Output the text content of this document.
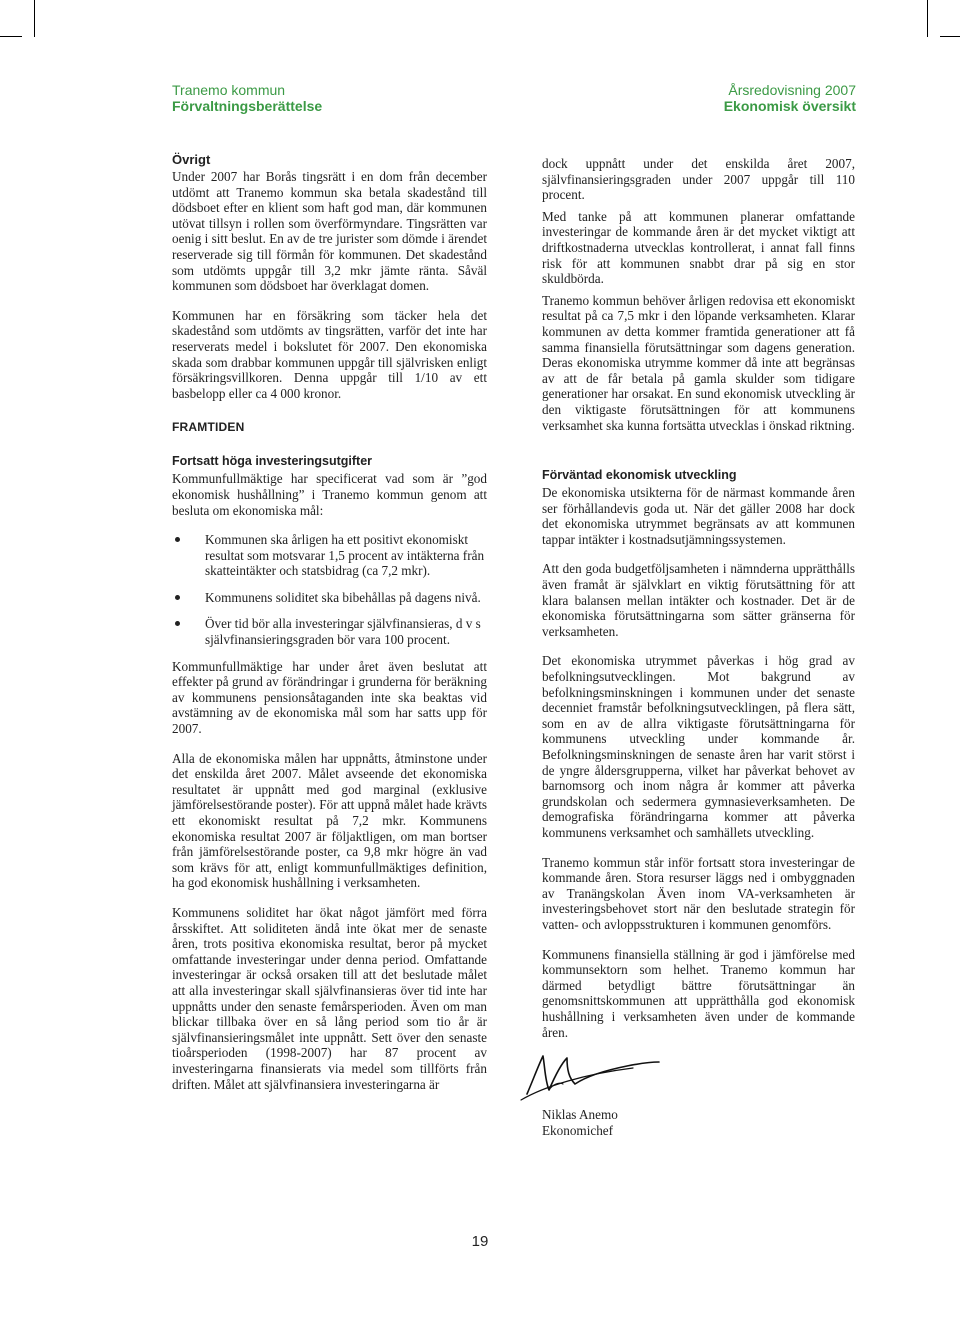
Tranemo kommun
Förvaltningsberättelse
Årsredovisning 2007
Ekonomisk översikt
Övrigt

Under 2007 har Borås tingsrätt i en dom från december utdömt att Tranemo kommun ska betala skadestånd till dödsboet efter en klient som haft god man, där kommunen utövat tillsyn i rollen som överförmyndare. Tingsrätten var oenig i sitt beslut. En av de tre jurister som dömde i ärendet reserverade sig till förmån för kommunen. Det skadestånd som utdömts uppgår till 3,2 mkr jämte ränta. Såväl kommunen som dödsboet har överklagat domen.

Kommunen har en försäkring som täcker hela det skadestånd som utdömts av tingsrätten, varför det inte har reserverats medel i bokslutet för 2007. Den ekonomiska skada som drabbar kommunen uppgår till självrisken enligt försäkringsvillkoren. Denna uppgår till 1/10 av ett basbelopp eller ca 4 000 kronor.

FRAMTIDEN
Fortsatt höga investeringsutgifter

Kommunfullmäktige har specificerat vad som är ”god ekonomisk hushållning” i Tranemo kommun genom att besluta om ekonomiska mål:

Kommunen ska årligen ha ett positivt ekonomiskt resultat som motsvarar 1,5 procent av intäkterna från skatteintäkter och statsbidrag (ca 7,2 mkr).
Kommunens soliditet ska bibehållas på dagens nivå.
Över tid bör alla investeringar självfinansieras, d v s självfinansieringsgraden bör vara 100 procent.

Kommunfullmäktige har under året även beslutat att effekter på grund av förändringar i grunderna för beräkning av kommunens pensionsåtaganden inte ska beaktas vid avstämning av de ekonomiska mål som har satts upp för 2007.

Alla de ekonomiska målen har uppnåtts, åtminstone under det enskilda året 2007. Målet avseende det ekonomiska resultatet är uppnått med god marginal (exklusive jämförelsestörande poster). För att uppnå målet hade krävts ett ekonomiskt resultat på 7,2 mkr. Kommunens ekonomiska resultat 2007 är följaktligen, om man bortser från jämförelsestörande poster, ca 9,8 mkr högre än vad som krävs för att, enligt kommunfullmäktiges definition, ha god ekonomisk hushållning i verksamheten.

Kommunens soliditet har ökat något jämfört med förra årsskiftet. Att soliditeten ändå inte ökat mer de senaste åren, trots positiva ekonomiska resultat, beror på mycket omfattande investeringar under denna period. Omfattande investeringar är också orsaken till att det beslutade målet att alla investeringar skall självfinansieras över tid inte har uppnåtts under den senaste femårsperioden. Även om man blickar tillbaka över en så lång period som tio år är självfinansieringsmålet inte uppnått. Sett över den senaste tioårsperioden (1998-2007) har 87 procent av investeringarna finansierats via medel som tillförts från driften. Målet att självfinansiera investeringarna är

dock uppnått under det enskilda året 2007, självfinansieringsgraden under 2007 uppgår till 110 procent.

Med tanke på att kommunen planerar omfattande investeringar de kommande åren är det mycket viktigt att driftkostnaderna utvecklas kontrollerat, i annat fall finns risk för att kommunen snabbt drar på sig en stor skuldbörda.

Tranemo kommun behöver årligen redovisa ett ekonomiskt resultat på ca 7,5 mkr i den löpande verksamheten. Klarar kommunen av detta kommer framtida generationer att få samma finansiella förutsättningar som dagens generation. Deras ekonomiska utrymme kommer då inte att begränsas av att de får betala på gamla skulder som tidigare generationer har orsakat. En sund ekonomisk utveckling är den viktigaste förutsättningen för att kommunens verksamhet ska kunna fortsätta utvecklas i önskad riktning.

Förväntad ekonomisk utveckling

De ekonomiska utsikterna för de närmast kommande åren ser förhållandevis goda ut. När det gäller 2008 har dock det ekonomiska utrymmet begränsats av att kommunen tappar intäkter i kostnadsutjämningssystemen.

Att den goda budgetföljsamheten i nämnderna upprätthålls även framåt är självklart en viktig förutsättning för att klara balansen mellan intäkter och kostnader. Det är de ekonomiska förutsättningarna som sätter gränserna för verksamheten.

Det ekonomiska utrymmet påverkas i hög grad av befolkningsutvecklingen. Mot bakgrund av befolkningsminskningen i kommunen under det senaste decenniet framstår befolkningsutvecklingen, på flera sätt, som en av de allra viktigaste förutsättningarna för kommunens utveckling under kommande år. Befolkningsminskningen de senaste åren har varit störst i de yngre åldersgrupperna, vilket har påverkat behovet av barnomsorg och inom några år kommer att påverka grundskolan och sedermera gymnasieverksamheten. De demografiska förändringarna kommer att påverka kommunens verksamhet och samhällets utveckling.

Tranemo kommun står inför fortsatt stora investeringar de kommande åren. Stora resurser läggs ned i ombyggnaden av Tranängskolan Även inom VA-verksamheten är investeringsbehovet stort när den beslutade strategin för vatten- och avloppsstrukturen i kommunen genomförs.

Kommunens finansiella ställning är god i jämförelse med kommunsektorn som helhet. Tranemo kommun har därmed betydligt bättre förutsättningar än genomsnittskommunen att upprätthålla god ekonomisk hushållning i verksamheten även under de kommande åren.

Niklas Anemo
Ekonomichef
19
